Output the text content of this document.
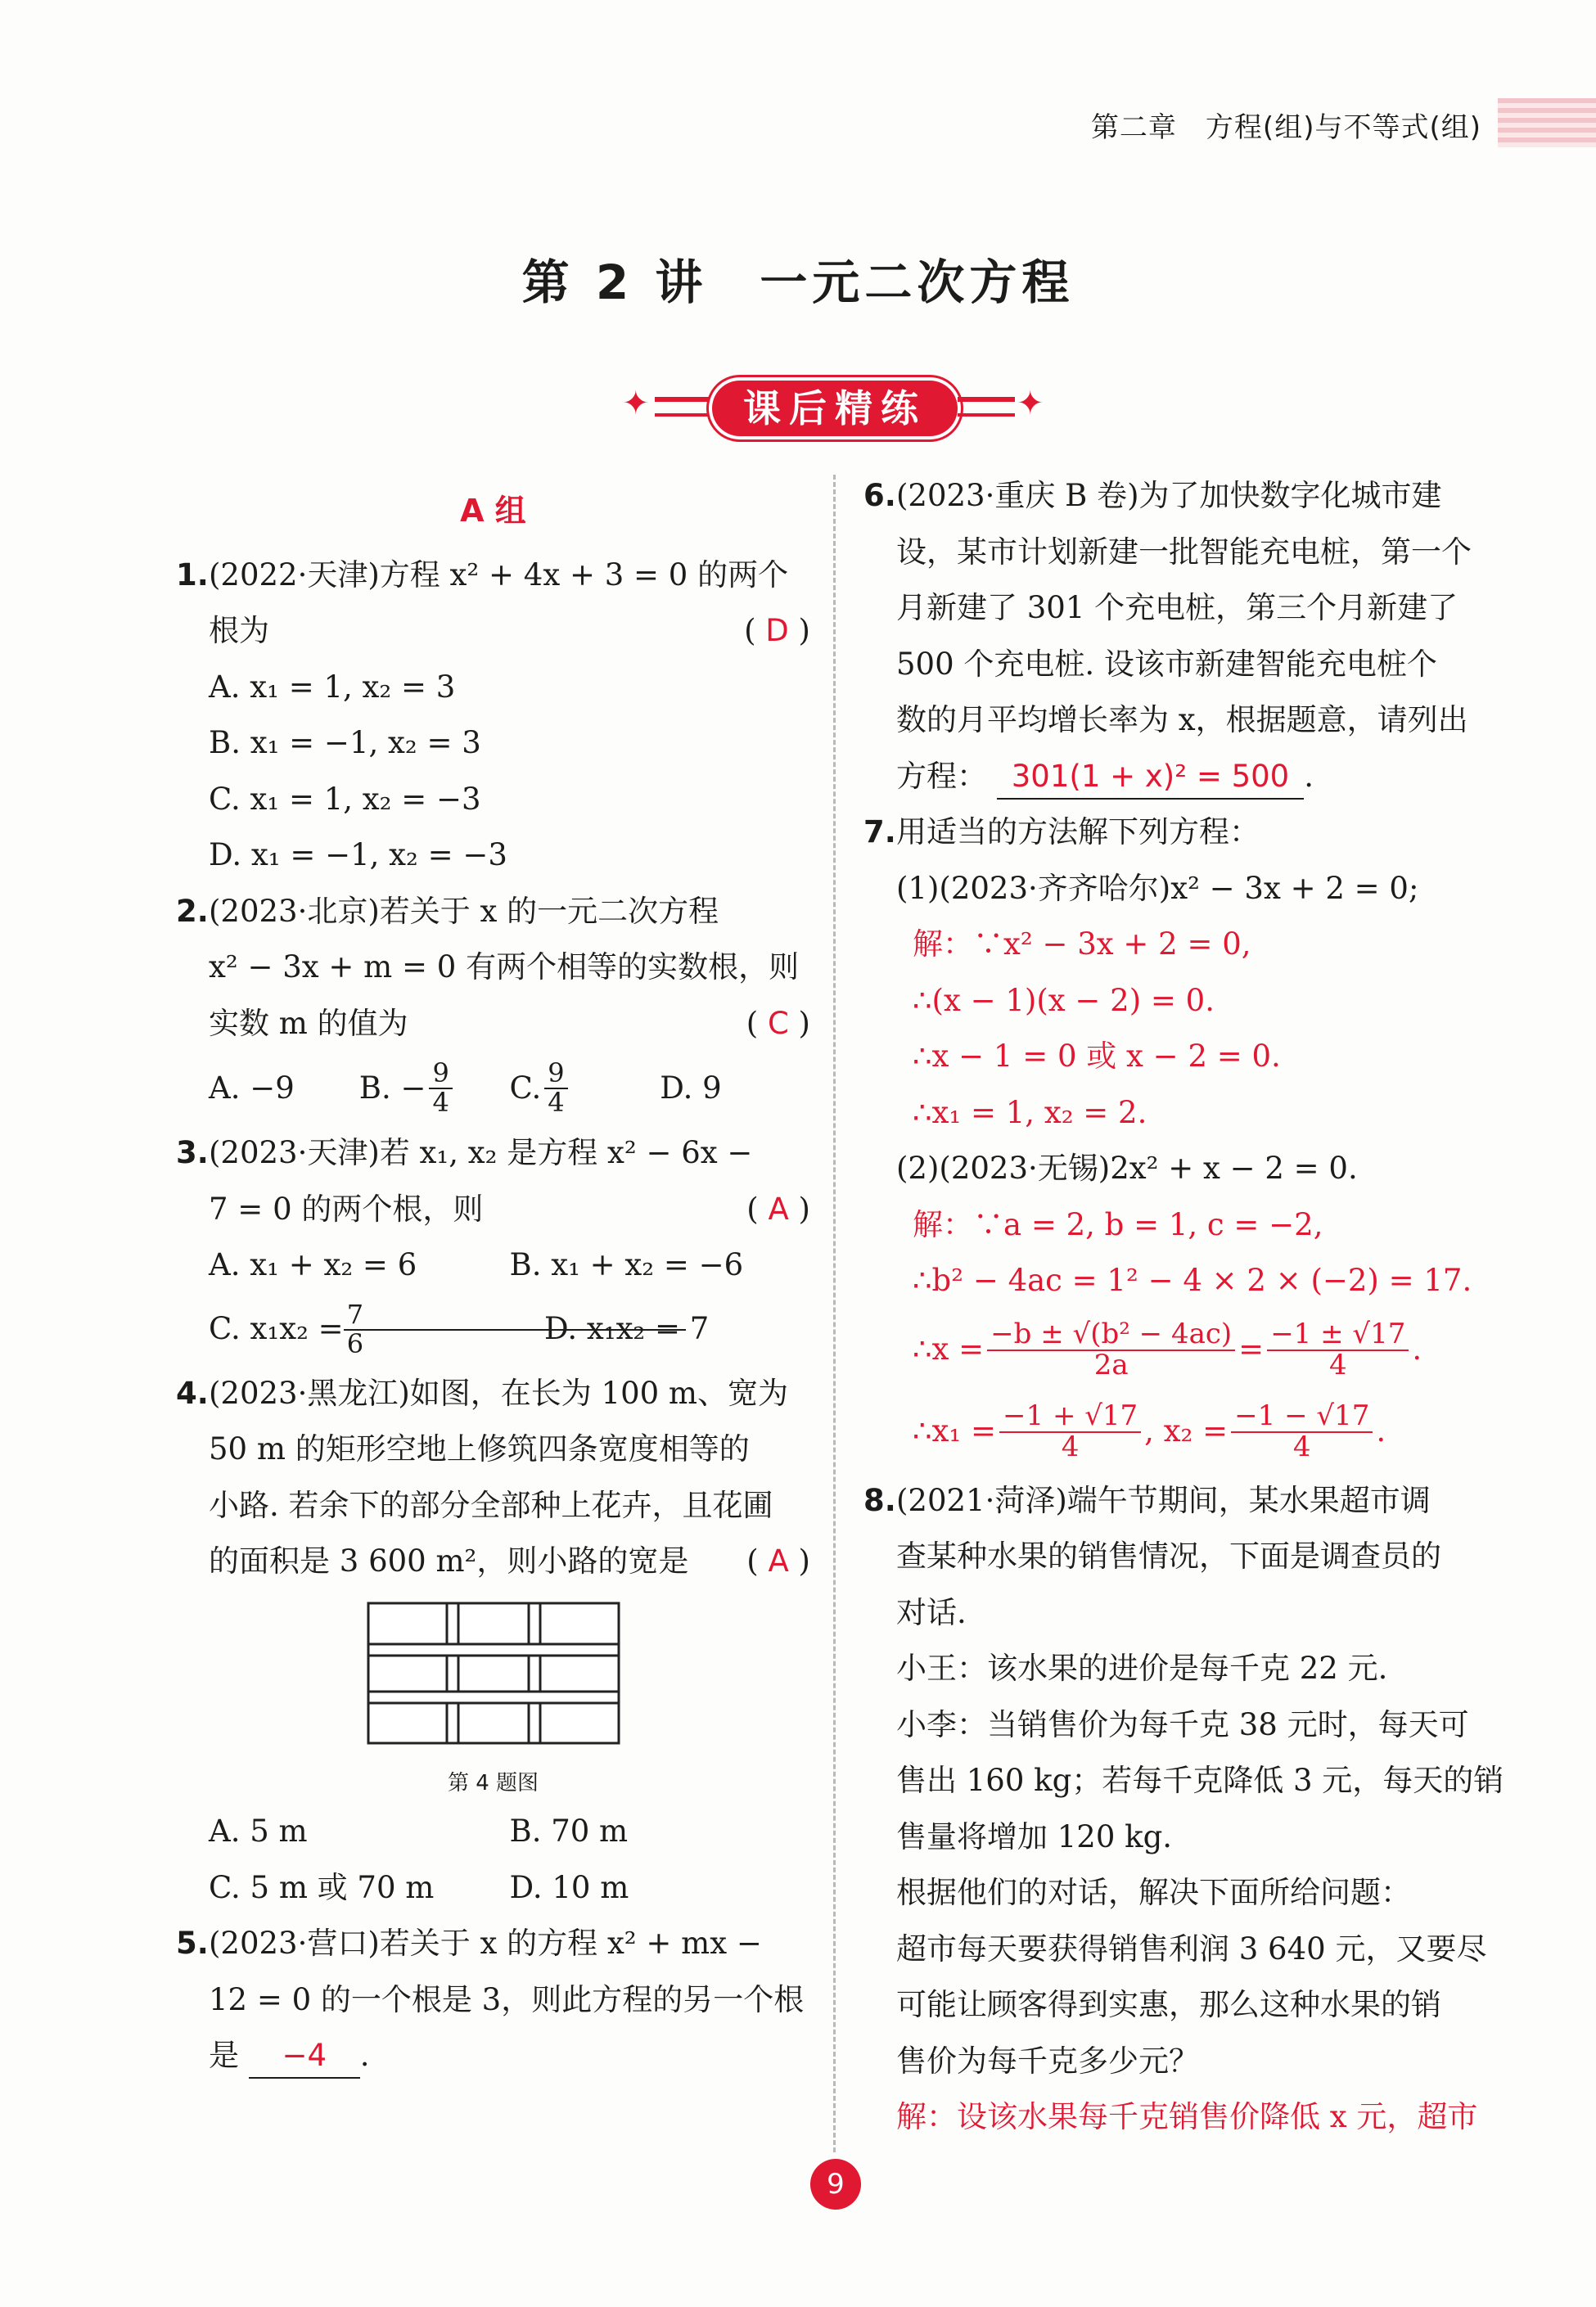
第二章　方程(组)与不等式(组)
第 2 讲　一元二次方程
✦	课后精练	✦
A 组
1. (2022·天津)方程 x² + 4x + 3 = 0 的两个
根为	( D )
A. x₁ = 1, x₂ = 3
B. x₁ = −1, x₂ = 3
C. x₁ = 1, x₂ = −3
D. x₁ = −1, x₂ = −3
2. (2023·北京)若关于 x 的一元二次方程
x² − 3x + m = 0 有两个相等的实数根，则
实数 m 的值为	( C )
A. −9	B. − $\frac{9}{4} C$. $\frac{9}{4}$	D. 9
3. (2023·天津)若 x₁, x₂ 是方程 x² − 6x −
7 = 0 的两个根，则	( A )
A. x₁ + x₂ = 6	B. x₁ + x₂ = −6
C. $x_1x_2 = \frac{7}{6}$
D. x₁x₂ = 7
4. (2023·黑龙江)如图，在长为 100 m、宽为
50 m 的矩形空地上修筑四条宽度相等的
小路. 若余下的部分全部种上花卉，且花圃
的面积是 3 600 m²，则小路的宽是 ( A )
第 4 题图
A. 5 m	B. 70 m
C. 5 m 或 70 m	D. 10 m
5. (2023·营口)若关于 x 的方程 x² + mx −
12 = 0 的一个根是 3，则此方程的另一个根
是 −4 .
6. (2023·重庆 B 卷)为了加快数字化城市建
设，某市计划新建一批智能充电桩，第一个
月新建了 301 个充电桩，第三个月新建了
500 个充电桩. 设该市新建智能充电桩个
数的月平均增长率为 x，根据题意，请列出
方程： 301(1 + x)² = 500 .
7. 用适当的方法解下列方程：
(1)(2023·齐齐哈尔)x² − 3x + 2 = 0;
解：∵x² − 3x + 2 = 0,
∴(x − 1)(x − 2) = 0.
∴x − 1 = 0 或 x − 2 = 0.
∴x₁ = 1, x₂ = 2.
(2)(2023·无锡)2x² + x − 2 = 0.
解：∵a = 2, b = 1, c = −2,
∴b² − 4ac = 1² − 4 × 2 × (−2) = 17.
∴x = $\frac{\text{−b ± √(b² − 4ac)}}{2a} = \frac{-1 \pm √17}{4}$ .
∴x₁ = $\frac{-1 + √17}{4}$ , $x_2 = \frac{-1 - √17}{4}$ .
8. (2021·菏泽)端午节期间，某水果超市调
查某种水果的销售情况，下面是调查员的
对话.
小王：该水果的进价是每千克 22 元.
小李：当销售价为每千克 38 元时，每天可
售出 160 kg；若每千克降低 3 元，每天的销
售量将增加 120 kg.
根据他们的对话，解决下面所给问题：
超市每天要获得销售利润 3 640 元，又要尽
可能让顾客得到实惠，那么这种水果的销
售价为每千克多少元？
解：设该水果每千克销售价降低 x 元，超市
9
